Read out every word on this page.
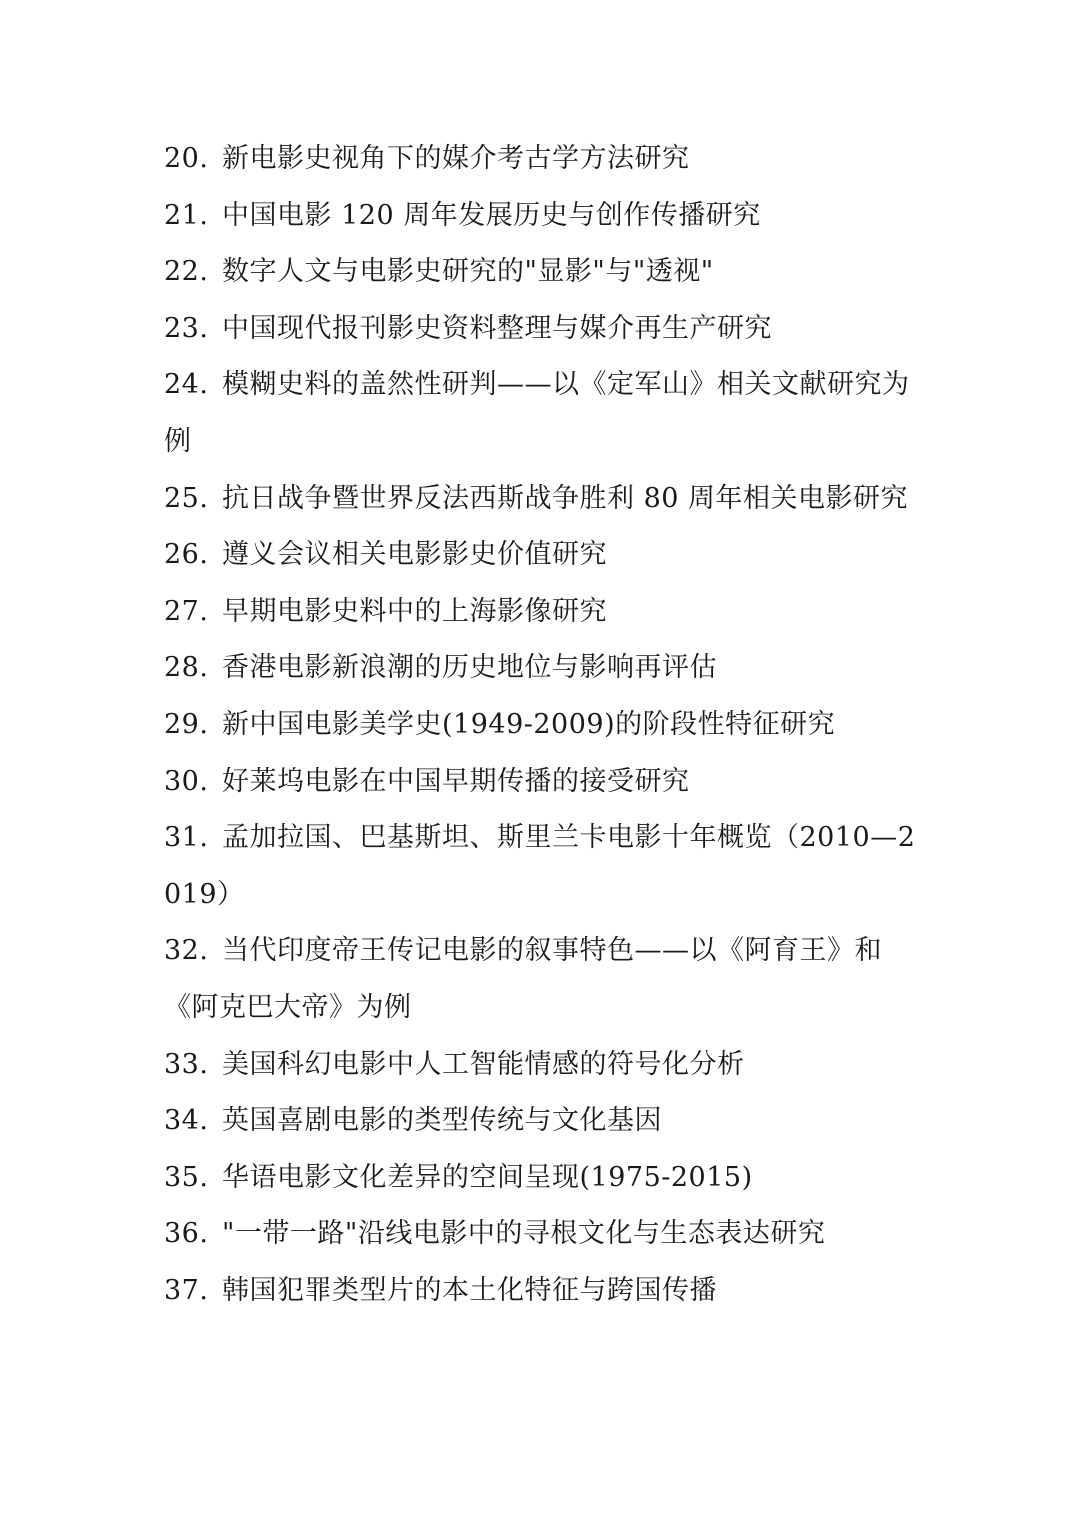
20. 新电影史视角下的媒介考古学方法研究
21. 中国电影 120 周年发展历史与创作传播研究
22. 数字人文与电影史研究的"显影"与"透视"
23. 中国现代报刊影史资料整理与媒介再生产研究
24. 模糊史料的盖然性研判——以《定军山》相关文献研究为例
25. 抗日战争暨世界反法西斯战争胜利 80 周年相关电影研究
26. 遵义会议相关电影影史价值研究
27. 早期电影史料中的上海影像研究
28. 香港电影新浪潮的历史地位与影响再评估
29. 新中国电影美学史(1949-2009)的阶段性特征研究
30. 好莱坞电影在中国早期传播的接受研究
31. 孟加拉国、巴基斯坦、斯里兰卡电影十年概览（2010—2019）
32. 当代印度帝王传记电影的叙事特色——以《阿育王》和《阿克巴大帝》为例
33. 美国科幻电影中人工智能情感的符号化分析
34. 英国喜剧电影的类型传统与文化基因
35. 华语电影文化差异的空间呈现(1975-2015)
36. "一带一路"沿线电影中的寻根文化与生态表达研究
37. 韩国犯罪类型片的本土化特征与跨国传播
